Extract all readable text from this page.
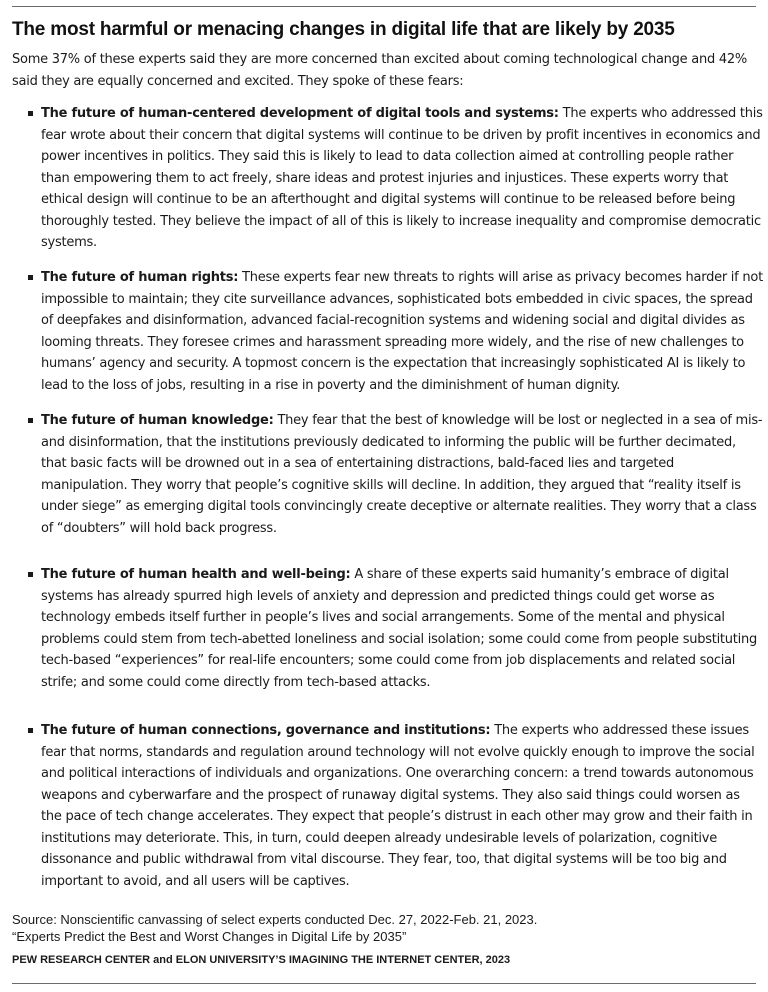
The most harmful or menacing changes in digital life that are likely by 2035

Some 37% of these experts said they are more concerned than excited about coming technological change and 42% said they are equally concerned and excited. They spoke of these fears:

The future of human-centered development of digital tools and systems: The experts who addressed this fear wrote about their concern that digital systems will continue to be driven by profit incentives in economics and power incentives in politics. They said this is likely to lead to data collection aimed at controlling people rather than empowering them to act freely, share ideas and protest injuries and injustices. These experts worry that ethical design will continue to be an afterthought and digital systems will continue to be released before being thoroughly tested. They believe the impact of all of this is likely to increase inequality and compromise democratic systems.

The future of human rights: These experts fear new threats to rights will arise as privacy becomes harder if not impossible to maintain; they cite surveillance advances, sophisticated bots embedded in civic spaces, the spread of deepfakes and disinformation, advanced facial-recognition systems and widening social and digital divides as looming threats. They foresee crimes and harassment spreading more widely, and the rise of new challenges to humans’ agency and security. A topmost concern is the expectation that increasingly sophisticated AI is likely to lead to the loss of jobs, resulting in a rise in poverty and the diminishment of human dignity.

The future of human knowledge: They fear that the best of knowledge will be lost or neglected in a sea of mis- and disinformation, that the institutions previously dedicated to informing the public will be further decimated, that basic facts will be drowned out in a sea of entertaining distractions, bald-faced lies and targeted manipulation. They worry that people’s cognitive skills will decline. In addition, they argued that “reality itself is under siege” as emerging digital tools convincingly create deceptive or alternate realities. They worry that a class of “doubters” will hold back progress.

The future of human health and well-being: A share of these experts said humanity’s embrace of digital systems has already spurred high levels of anxiety and depression and predicted things could get worse as technology embeds itself further in people’s lives and social arrangements. Some of the mental and physical problems could stem from tech-abetted loneliness and social isolation; some could come from people substituting tech-based “experiences” for real-life encounters; some could come from job displacements and related social strife; and some could come directly from tech-based attacks.

The future of human connections, governance and institutions: The experts who addressed these issues fear that norms, standards and regulation around technology will not evolve quickly enough to improve the social and political interactions of individuals and organizations. One overarching concern: a trend towards autonomous weapons and cyberwarfare and the prospect of runaway digital systems. They also said things could worsen as the pace of tech change accelerates. They expect that people’s distrust in each other may grow and their faith in institutions may deteriorate. This, in turn, could deepen already undesirable levels of polarization, cognitive dissonance and public withdrawal from vital discourse. They fear, too, that digital systems will be too big and important to avoid, and all users will be captives.

Source: Nonscientific canvassing of select experts conducted Dec. 27, 2022-Feb. 21, 2023.
“Experts Predict the Best and Worst Changes in Digital Life by 2035”
PEW RESEARCH CENTER and ELON UNIVERSITY’S IMAGINING THE INTERNET CENTER, 2023
